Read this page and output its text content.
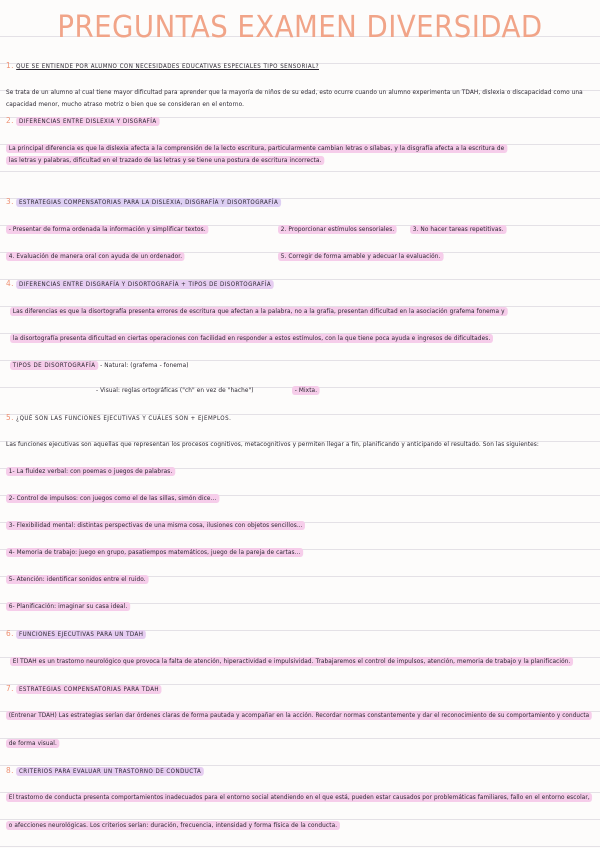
PREGUNTAS EXAMEN DIVERSIDAD
1. QUE SE ENTIENDE POR ALUMNO CON NECESIDADES EDUCATIVAS ESPECIALES TIPO SENSORIAL?
Se trata de un alumno al cual tiene mayor dificultad para aprender que la mayoría de niños de su edad, esto ocurre cuando un alumno experimenta un TDAH, dislexia o discapacidad como una
capacidad menor, mucho atraso motriz o bien que se consideran en el entorno.
2. DIFERENCIAS ENTRE DISLEXIA Y DISGRAFÍA
La principal diferencia es que la dislexia afecta a la comprensión de la lecto escritura, particularmente cambian letras o sílabas, y la disgrafía afecta a la escritura de
las letras y palabras, dificultad en el trazado de las letras y se tiene una postura de escritura incorrecta.
3. ESTRATEGIAS COMPENSATORIAS PARA LA DISLEXIA, DISGRAFÍA Y DISORTOGRAFÍA
- Presentar de forma ordenada la información y simplificar textos.	2. Proporcionar estímulos sensoriales.	3. No hacer tareas repetitivas.
4. Evaluación de manera oral con ayuda de un ordenador.	5. Corregir de forma amable y adecuar la evaluación.
4. DIFERENCIAS ENTRE DISGRAFÍA Y DISORTOGRAFÍA + TIPOS DE DISORTOGRAFÍA
Las diferencias es que la disortografía presenta errores de escritura que afectan a la palabra, no a la grafía, presentan dificultad en la asociación grafema fonema y
la disortografía presenta dificultad en ciertas operaciones con facilidad en responder a estos estímulos, con la que tiene poca ayuda e ingresos de dificultades.
TIPOS DE DISORTOGRAFÍA - Natural: (grafema - fonema)
- Visual: reglas ortográficas ("ch" en vez de "hache")	- Mixta.
5. ¿QUÉ SON LAS FUNCIONES EJECUTIVAS Y CUÁLES SON + EJEMPLOS.
Las funciones ejecutivas son aquellas que representan los procesos cognitivos, metacognitivos y permiten llegar a fin, planificando y anticipando el resultado. Son las siguientes:
1- La fluidez verbal: con poemas o juegos de palabras.
2- Control de impulsos: con juegos como el de las sillas, simón dice...
3- Flexibilidad mental: distintas perspectivas de una misma cosa, ilusiones con objetos sencillos...
4- Memoria de trabajo: juego en grupo, pasatiempos matemáticos, juego de la pareja de cartas...
5- Atención: identificar sonidos entre el ruido.
6- Planificación: imaginar su casa ideal.
6. FUNCIONES EJECUTIVAS PARA UN TDAH
El TDAH es un trastorno neurológico que provoca la falta de atención, hiperactividad e impulsividad. Trabajaremos el control de impulsos, atención, memoria de trabajo y la planificación.
7. ESTRATEGIAS COMPENSATORIAS PARA TDAH
(Entrenar TDAH) Las estrategias serían dar órdenes claras de forma pautada y acompañar en la acción. Recordar normas constantemente y dar el reconocimiento de su comportamiento y conducta
de forma visual.
8. CRITERIOS PARA EVALUAR UN TRASTORNO DE CONDUCTA
El trastorno de conducta presenta comportamientos inadecuados para el entorno social atendiendo en el que está, pueden estar causados por problemáticas familiares, fallo en el entorno escolar,
o afecciones neurológicas. Los criterios serían: duración, frecuencia, intensidad y forma física de la conducta.
